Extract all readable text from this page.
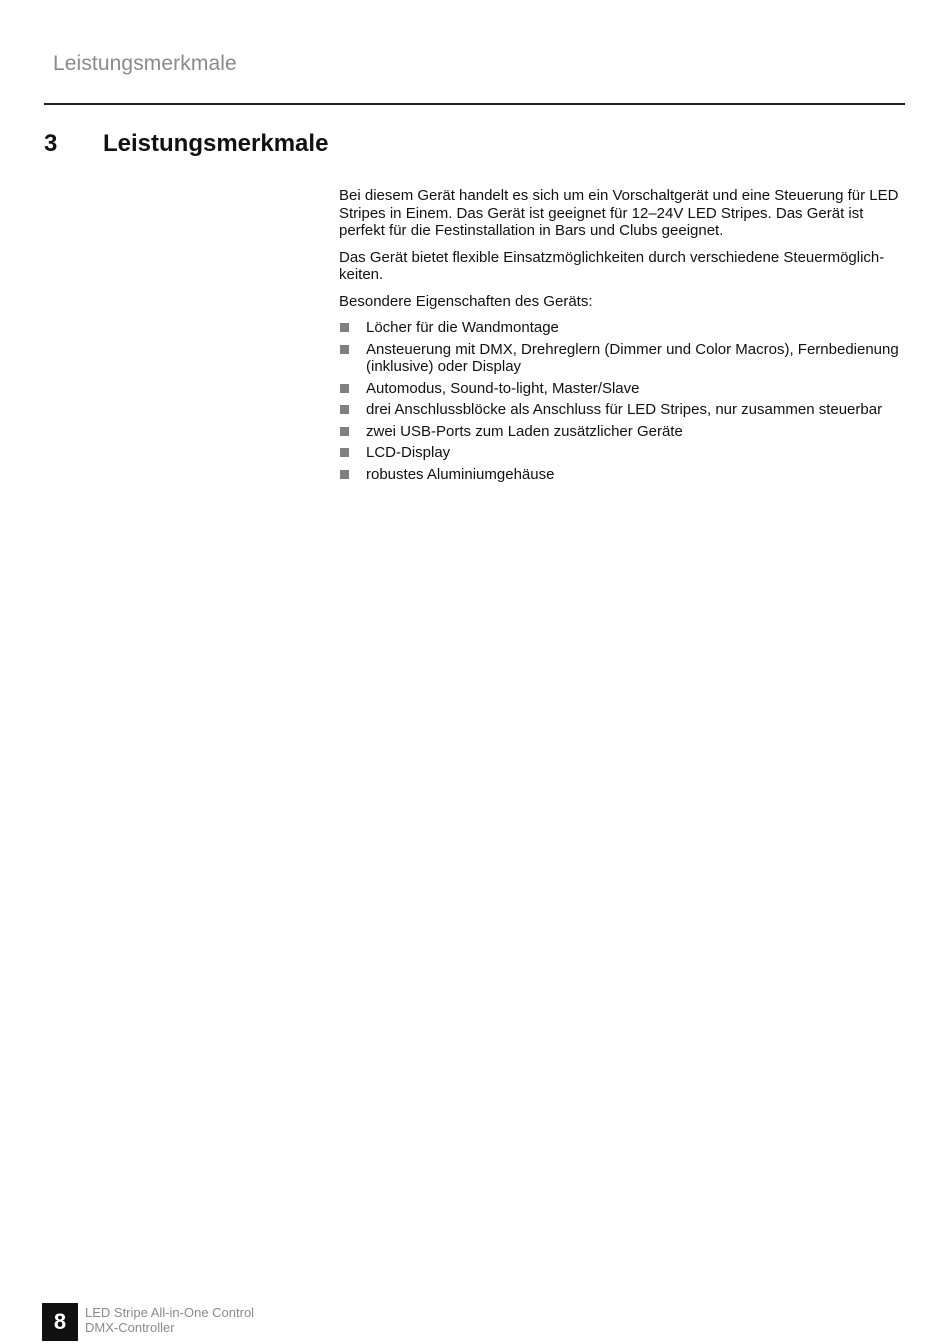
Leistungsmerkmale
3 Leistungsmerkmale

Bei diesem Gerät handelt es sich um ein Vorschaltgerät und eine Steuerung für LED Stripes in Einem. Das Gerät ist geeignet für 12–24V LED Stripes. Das Gerät ist perfekt für die Festinstallation in Bars und Clubs geeignet.

Das Gerät bietet flexible Einsatzmöglichkeiten durch verschiedene Steuermöglich-keiten.

Besondere Eigenschaften des Geräts:

Löcher für die Wandmontage
Ansteuerung mit DMX, Drehreglern (Dimmer und Color Macros), Fernbedienung (inklusive) oder Display
Automodus, Sound-to-light, Master/Slave
drei Anschlussblöcke als Anschluss für LED Stripes, nur zusammen steuerbar
zwei USB-Ports zum Laden zusätzlicher Geräte
LCD-Display
robustes Aluminiumgehäuse
8	LED Stripe All-in-One Control
DMX-Controller
